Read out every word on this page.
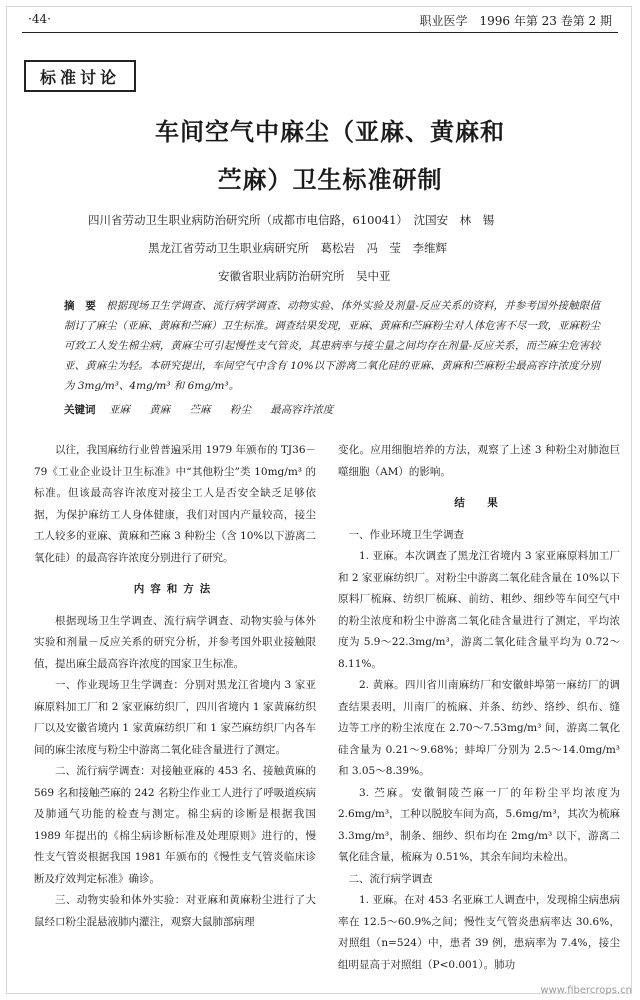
·44·	职业医学　1996 年第 23 卷第 2 期
标准讨论
车间空气中麻尘（亚麻、黄麻和
苎麻）卫生标准研制
四川省劳动卫生职业病防治研究所（成都市电信路，610041）　沈国安　林　锡
黑龙江省劳动卫生职业病研究所　葛松岩　冯　莹　李维辉
安徽省职业病防治研究所　吴中亚
摘　要 根据现场卫生学调查、流行病学调查、动物实验、体外实验及剂量-反应关系的资料，并参考国外接触限值制订了麻尘（亚麻、黄麻和苎麻）卫生标准。调查结果发现，亚麻、黄麻和苎麻粉尘对人体危害不尽一致，亚麻粉尘可致工人发生棉尘病，黄麻尘可引起慢性支气管炎，其患病率与接尘量之间均存在剂量-反应关系，而苎麻尘危害较亚、黄麻尘为轻。本研究提出，车间空气中含有 10%以下游离二氧化硅的亚麻、黄麻和苎麻粉尘最高容许浓度分别为 3mg/m³、4mg/m³ 和 6mg/m³。
关键词 亚麻 黄麻 苎麻 粉尘 最高容许浓度

以往，我国麻纺行业曾普遍采用 1979 年颁布的 TJ36－79《工业企业设计卫生标准》中“其他粉尘”类 10mg/m³ 的标准。但该最高容许浓度对接尘工人是否安全缺乏足够依据，为保护麻纺工人身体健康，我们对国内产量较高，接尘工人较多的亚麻、黄麻和苎麻 3 种粉尘（含 10%以下游离二氧化硅）的最高容许浓度分别进行了研究。

内容和方法

根据现场卫生学调查、流行病学调查、动物实验与体外实验和剂量－反应关系的研究分析，并参考国外职业接触限值，提出麻尘最高容许浓度的国家卫生标准。

一、作业现场卫生学调查：分别对黑龙江省境内 3 家亚麻原料加工厂和 2 家亚麻纺织厂，四川省境内 1 家黄麻纺织厂以及安徽省境内 1 家黄麻纺织厂和 1 家苎麻纺织厂内各车间的麻尘浓度与粉尘中游离二氧化硅含量进行了测定。

二、流行病学调查：对接触亚麻的 453 名、接触黄麻的 569 名和接触苎麻的 242 名粉尘作业工人进行了呼吸道疾病及肺通气功能的检查与测定。棉尘病的诊断是根据我国 1989 年提出的《棉尘病诊断标准及处理原则》进行的，慢性支气管炎根据我国 1981 年颁布的《慢性支气管炎临床诊断及疗效判定标准》确诊。

三、动物实验和体外实验：对亚麻和黄麻粉尘进行了大鼠经口粉尘混悬液肺内灌注，观察大鼠肺部病理

变化。应用细胞培养的方法，观察了上述 3 种粉尘对肺泡巨噬细胞（AM）的影响。

结　果

一、作业环境卫生学调查

1. 亚麻。本次调查了黑龙江省境内 3 家亚麻原料加工厂和 2 家亚麻纺织厂。对粉尘中游离二氧化硅含量在 10%以下原料厂梳麻、纺织厂梳麻、前纺、粗纱、细纱等车间空气中的粉尘浓度和粉尘中游离二氧化硅含量进行了测定，平均浓度为 5.9～22.3mg/m³，游离二氧化硅含量平均为 0.72～8.11%。

2. 黄麻。四川省川南麻纺厂和安徽蚌埠第一麻纺厂的调查结果表明，川南厂的梳麻、并条、纺纱、络纱、织布、缝边等工序的粉尘浓度在 2.70～7.53mg/m³ 间，游离二氧化硅含量为 0.21～9.68%；蚌埠厂分别为 2.5～14.0mg/m³ 和 3.05～8.39%。

3. 苎麻。安徽铜陵苎麻一厂的年粉尘平均浓度为 2.6mg/m³，工种以脱胶车间为高，5.6mg/m³，其次为梳麻 3.3mg/m³，制条、细纱、织布均在 2mg/m³ 以下，游离二氧化硅含量，梳麻为 0.51%，其余车间均未检出。

二、流行病学调查

1. 亚麻。在对 453 名亚麻工人调查中，发现棉尘病患病率在 12.5～60.9%之间；慢性支气管炎患病率达 30.6%，对照组（n=524）中，患者 39 例，患病率为 7.4%，接尘组明显高于对照组（P<0.001）。肺功

www.fibercrops.cn
